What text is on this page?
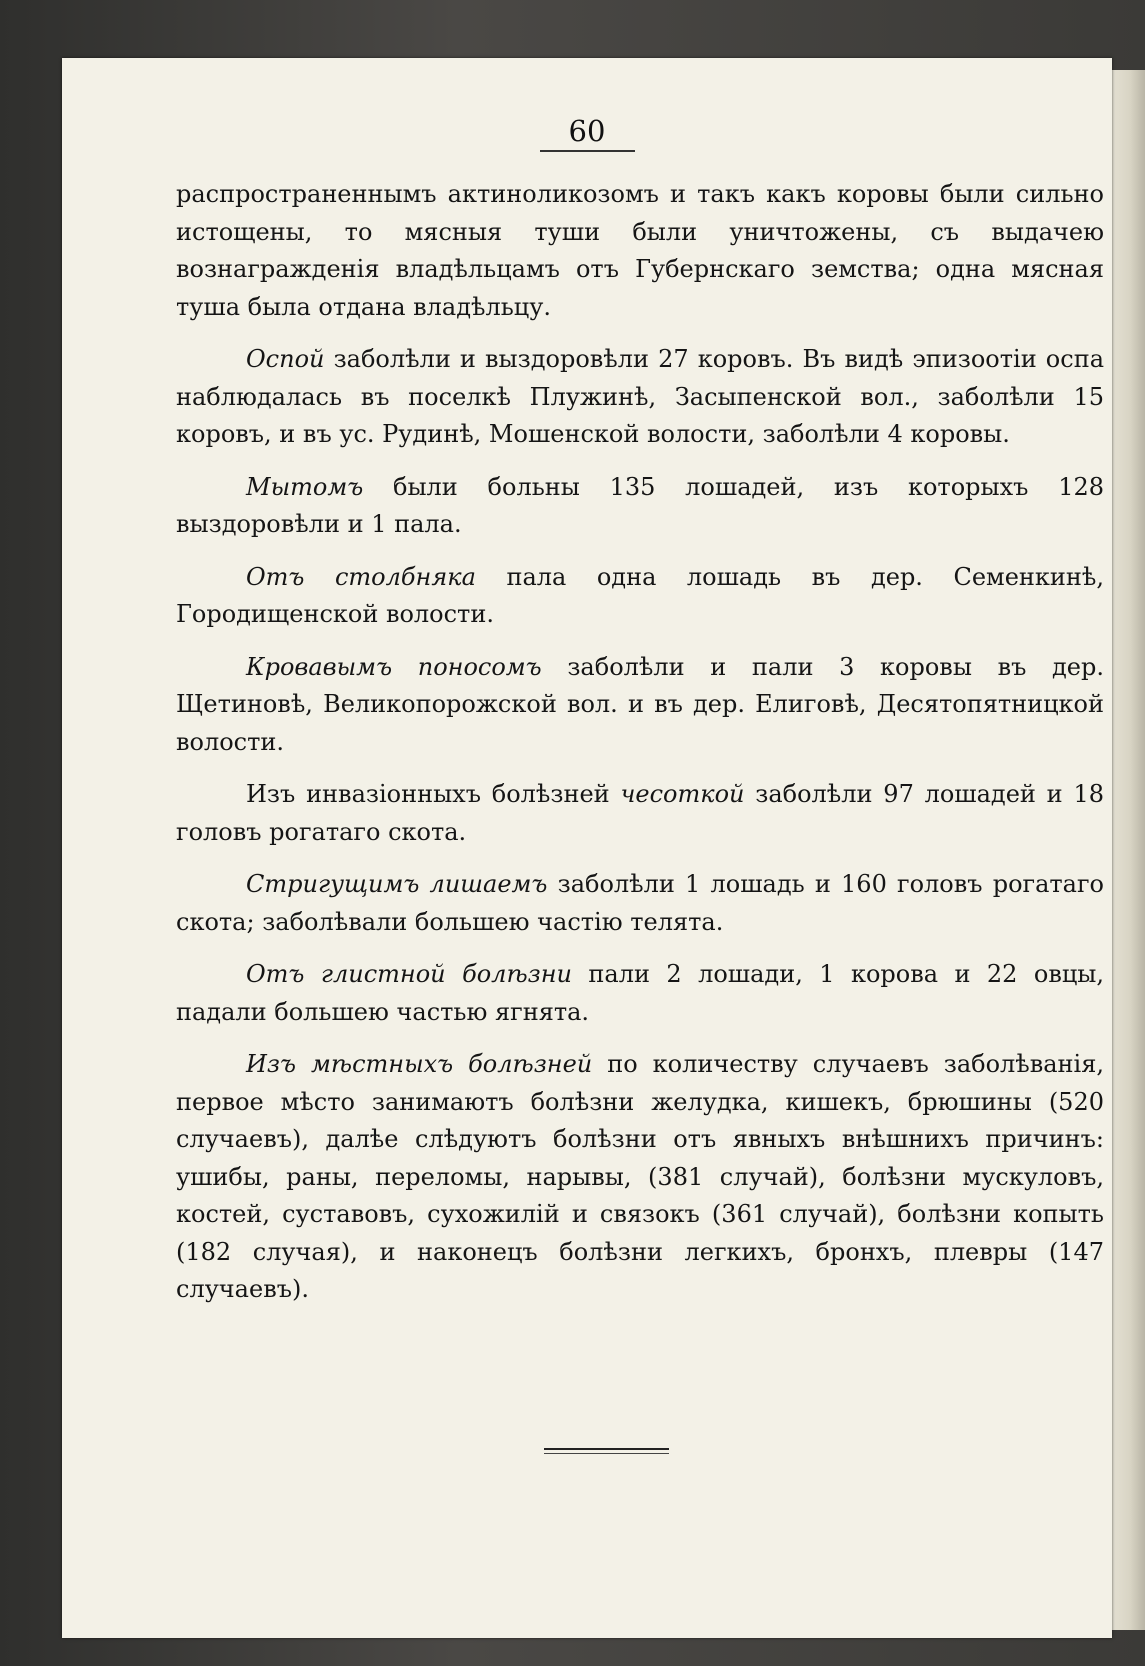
60

распространеннымъ актиноликозомъ и такъ какъ коровы были сильно истощены, то мясныя туши были уничтожены, съ выдачею вознагражденія владѣльцамъ отъ Губернскаго земства; одна мясная туша была отдана владѣльцу.

Оспой заболѣли и выздоровѣли 27 коровъ. Въ видѣ эпизоотіи оспа наблюдалась въ поселкѣ Плужинѣ, Засыпенской вол., заболѣли 15 коровъ, и въ ус. Рудинѣ, Мошенской волости, заболѣли 4 коровы.

Мытомъ были больны 135 лошадей, изъ которыхъ 128 выздоровѣли и 1 пала.

Отъ столбняка пала одна лошадь въ дер. Семенкинѣ, Городищенской волости.

Кровавымъ поносомъ заболѣли и пали 3 коровы въ дер. Щетиновѣ, Великопорожской вол. и въ дер. Елиговѣ, Десятопятницкой волости.

Изъ инвазіонныхъ болѣзней чесоткой заболѣли 97 лошадей и 18 головъ рогатаго скота.

Стригущимъ лишаемъ заболѣли 1 лошадь и 160 головъ рогатаго скота; заболѣвали большею частію телята.

Отъ глистной болѣзни пали 2 лошади, 1 корова и 22 овцы, падали большею частью ягнята.

Изъ мѣстныхъ болѣзней по количеству случаевъ заболѣванія, первое мѣсто занимаютъ болѣзни желудка, кишекъ, брюшины (520 случаевъ), далѣе слѣдуютъ болѣзни отъ явныхъ внѣшнихъ причинъ: ушибы, раны, переломы, нарывы, (381 случай), болѣзни мускуловъ, костей, суставовъ, сухожилій и связокъ (361 случай), болѣзни копыть (182 случая), и наконецъ болѣзни легкихъ, бронхъ, плевры (147 случаевъ).
